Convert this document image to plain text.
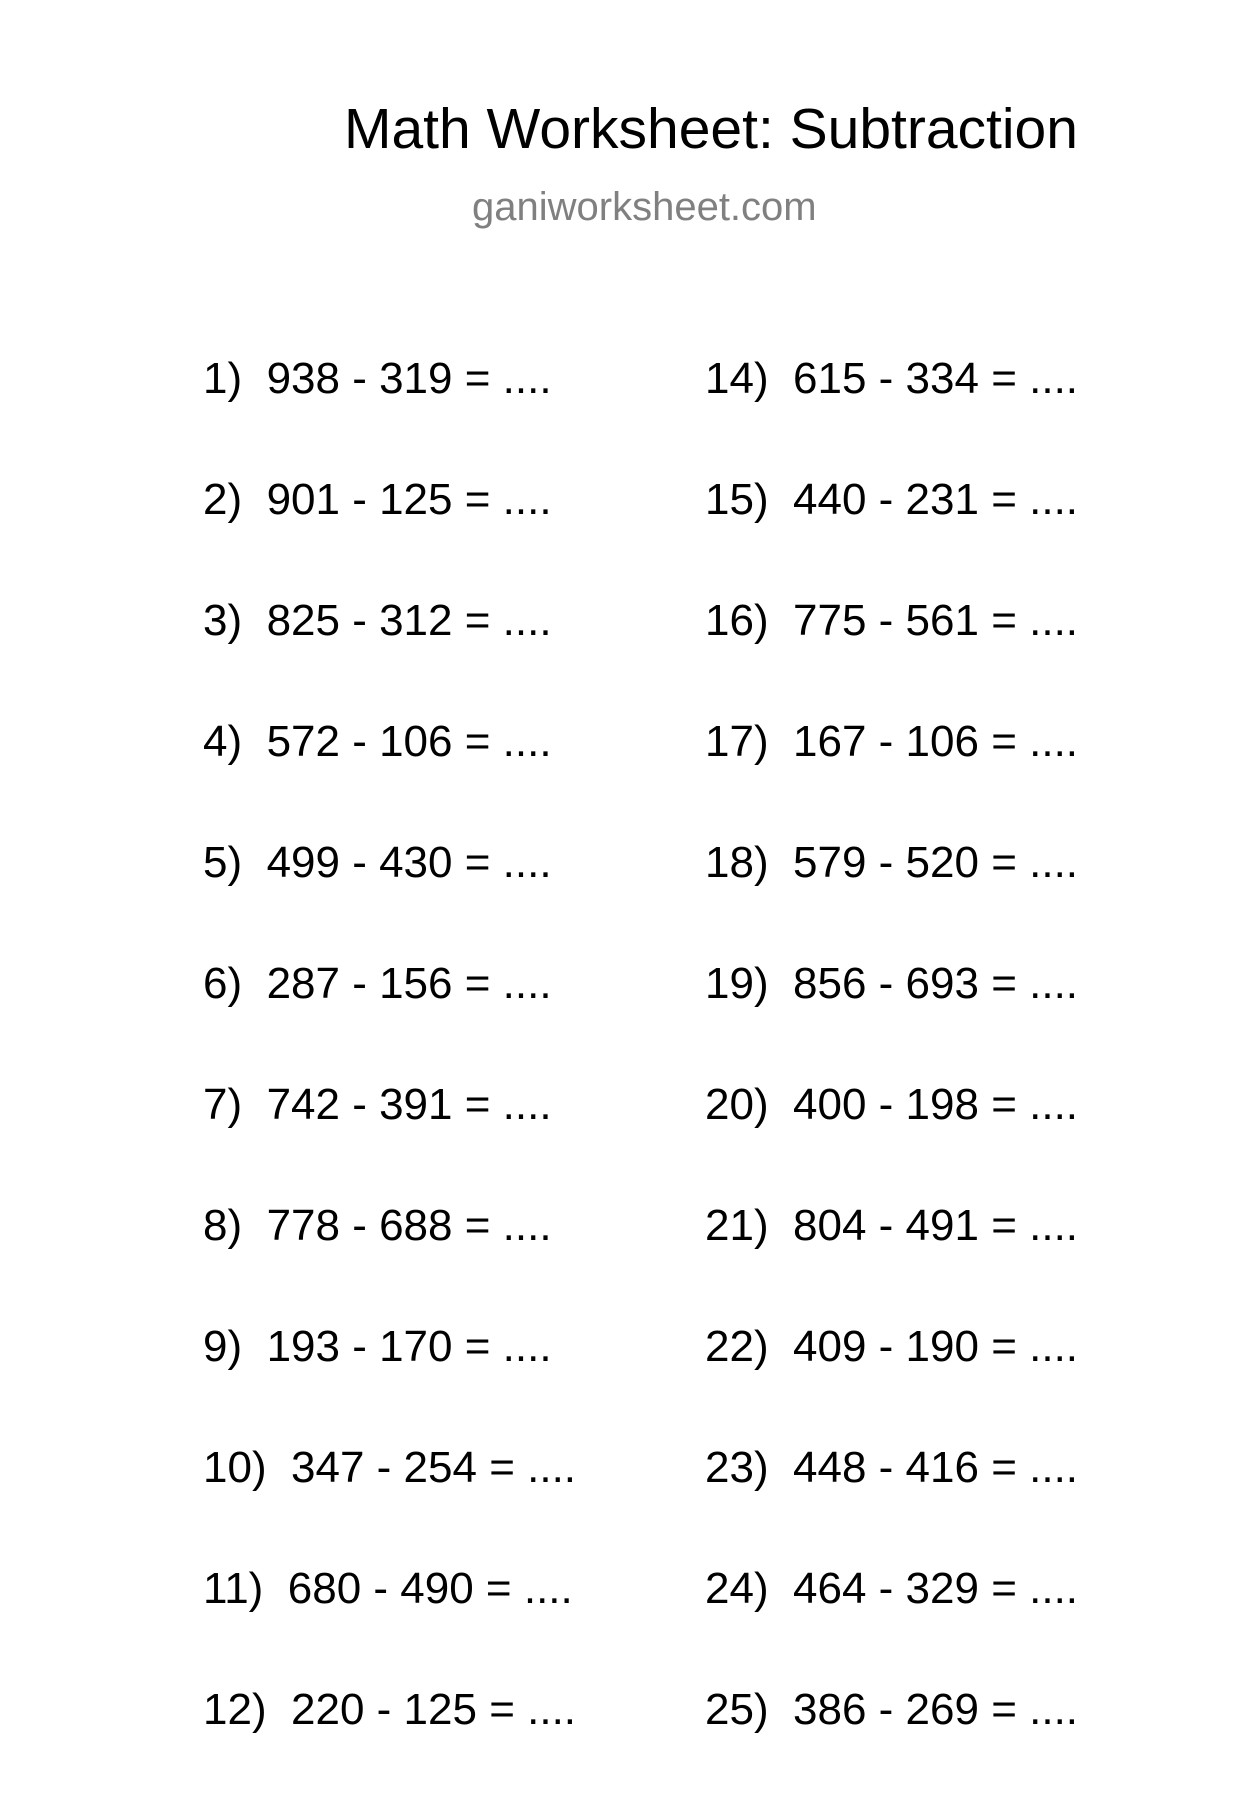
Math Worksheet: Subtraction
ganiworksheet.com
1)  938 - 319 = ....
2)  901 - 125 = ....
3)  825 - 312 = ....
4)  572 - 106 = ....
5)  499 - 430 = ....
6)  287 - 156 = ....
7)  742 - 391 = ....
8)  778 - 688 = ....
9)  193 - 170 = ....
10)  347 - 254 = ....
11)  680 - 490 = ....
12)  220 - 125 = ....
14)  615 - 334 = ....
15)  440 - 231 = ....
16)  775 - 561 = ....
17)  167 - 106 = ....
18)  579 - 520 = ....
19)  856 - 693 = ....
20)  400 - 198 = ....
21)  804 - 491 = ....
22)  409 - 190 = ....
23)  448 - 416 = ....
24)  464 - 329 = ....
25)  386 - 269 = ....
